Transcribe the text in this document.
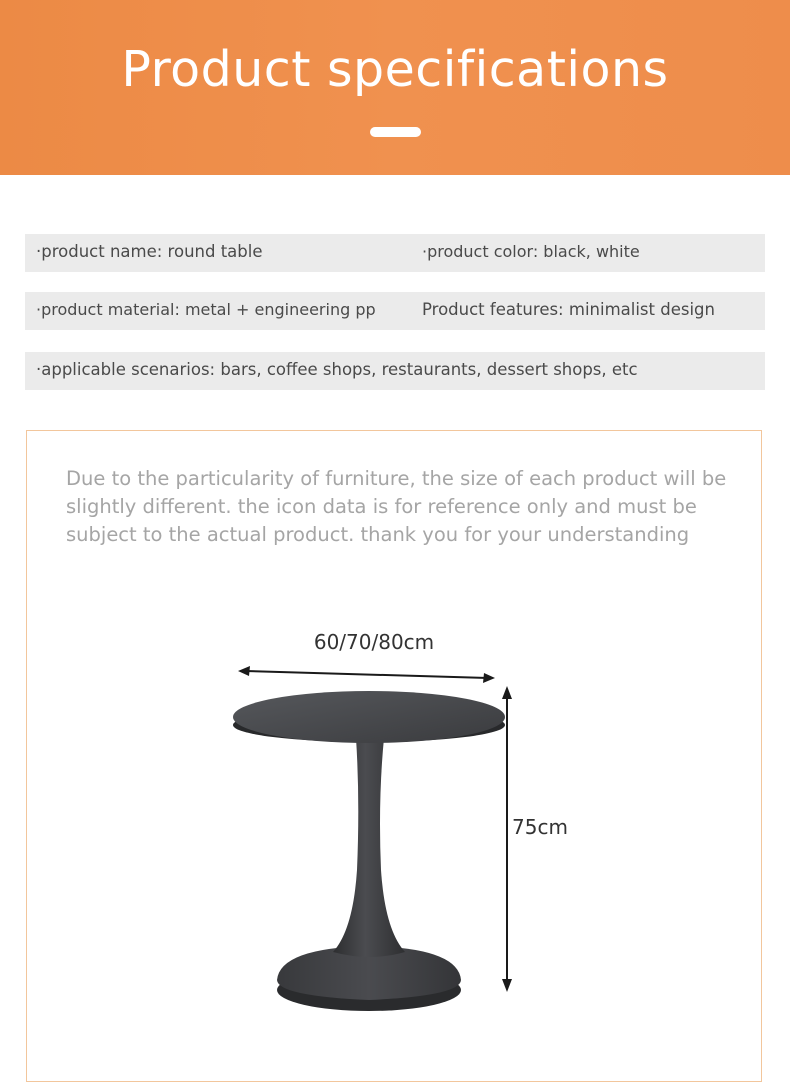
Product specifications
·product name: round table	·product color: black, white
·product material: metal + engineering pp	Product features: minimalist design
·applicable scenarios: bars, coffee shops, restaurants, dessert shops, etc
Due to the particularity of furniture, the size of each product will be slightly different. the icon data is for reference only and must be subject to the actual product. thank you for your understanding
60/70/80cm
75cm
